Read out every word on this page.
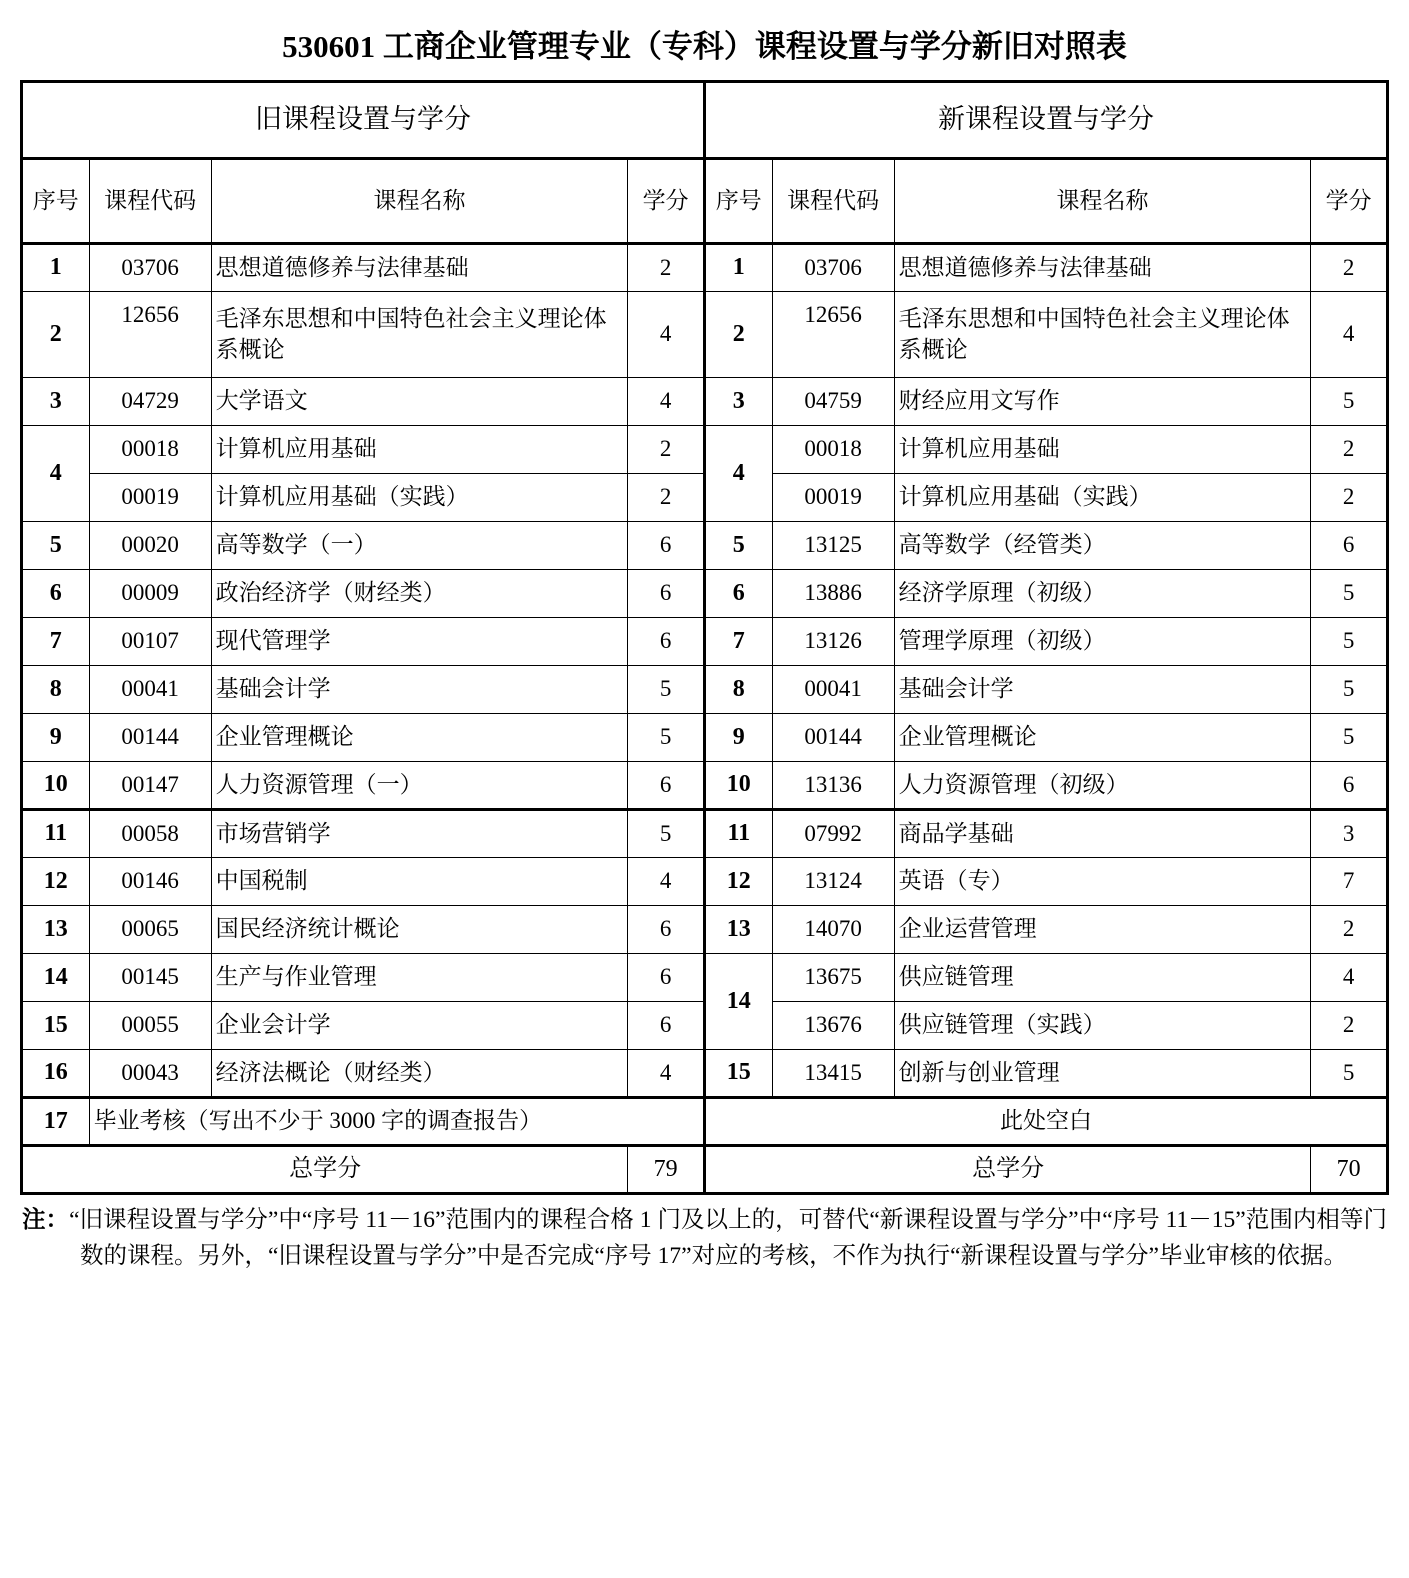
530601 工商企业管理专业（专科）课程设置与学分新旧对照表
旧课程设置与学分				新课程设置与学分			
序号	课程代码	课程名称	学分	序号	课程代码	课程名称	学分
1	03706	思想道德修养与法律基础	2	1	03706	思想道德修养与法律基础	2
2	12656	毛泽东思想和中国特色社会主义理论体系概论	4	2	12656	毛泽东思想和中国特色社会主义理论体系概论	4
3	04729	大学语文	4	3	04759	财经应用文写作	5
4	00018	计算机应用基础	2	4	00018	计算机应用基础	2
	00019	计算机应用基础（实践）	2		00019	计算机应用基础（实践）	2
5	00020	高等数学（一）	6	5	13125	高等数学（经管类）	6
6	00009	政治经济学（财经类）	6	6	13886	经济学原理（初级）	5
7	00107	现代管理学	6	7	13126	管理学原理（初级）	5
8	00041	基础会计学	5	8	00041	基础会计学	5
9	00144	企业管理概论	5	9	00144	企业管理概论	5
10	00147	人力资源管理（一）	6	10	13136	人力资源管理（初级）	6
11	00058	市场营销学	5	11	07992	商品学基础	3
12	00146	中国税制	4	12	13124	英语（专）	7
13	00065	国民经济统计概论	6	13	14070	企业运营管理	2
14	00145	生产与作业管理	6	14	13675	供应链管理	4
15	00055	企业会计学	6		13676	供应链管理（实践）	2
16	00043	经济法概论（财经类）	4	15	13415	创新与创业管理	5
17	毕业考核（写出不少于 3000 字的调查报告）			此处空白			
总学分			79	总学分			70
注：“旧课程设置与学分”中“序号 11－16”范围内的课程合格 1 门及以上的，可替代“新课程设置与学分”中“序号 11－15”范围内相等门数的课程。另外，“旧课程设置与学分”中是否完成“序号 17”对应的考核，不作为执行“新课程设置与学分”毕业审核的依据。
